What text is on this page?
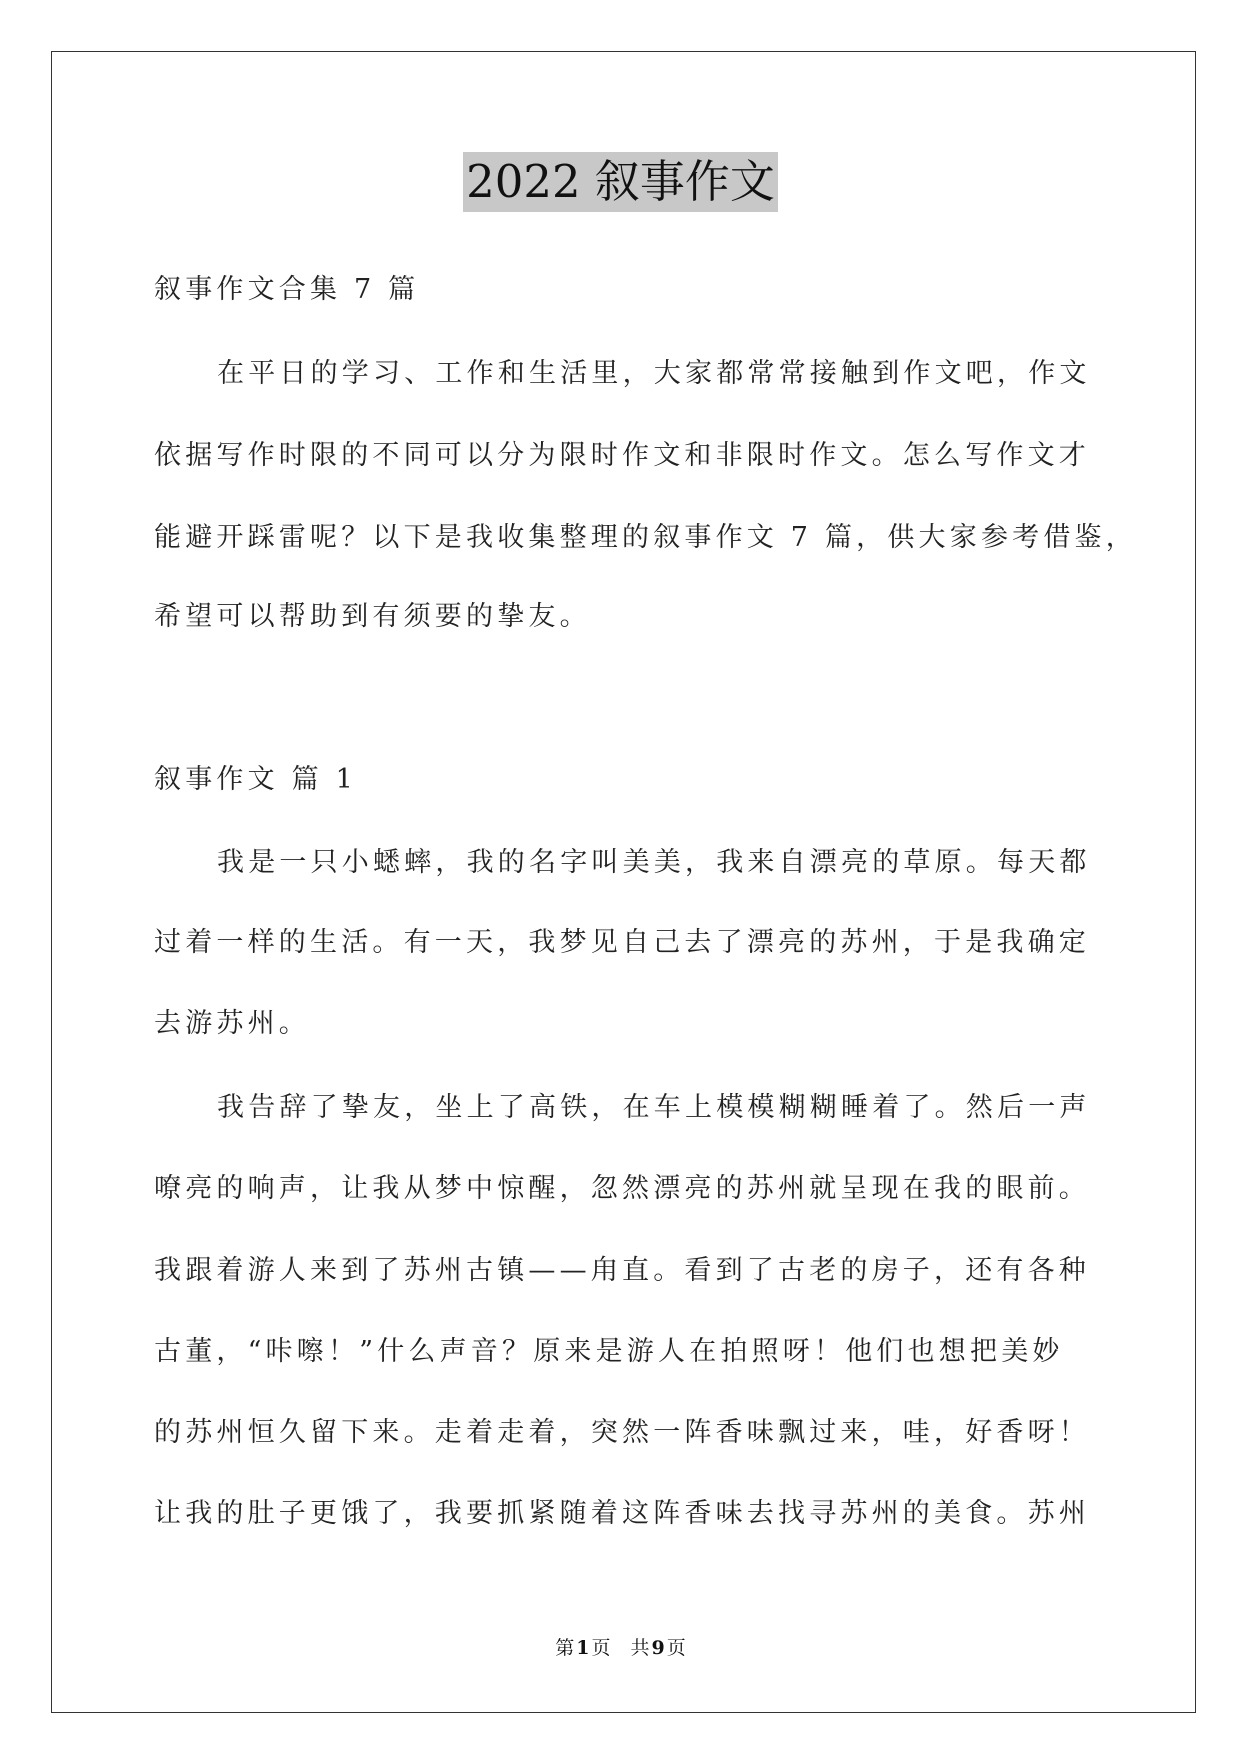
2022 叙事作文
叙事作文合集 7 篇
在平日的学习、工作和生活里，大家都常常接触到作文吧，作文
依据写作时限的不同可以分为限时作文和非限时作文。怎么写作文才
能避开踩雷呢？以下是我收集整理的叙事作文 7 篇，供大家参考借鉴，
希望可以帮助到有须要的挚友。
叙事作文 篇 1
我是一只小蟋蟀，我的名字叫美美，我来自漂亮的草原。每天都
过着一样的生活。有一天，我梦见自己去了漂亮的苏州，于是我确定
去游苏州。
我告辞了挚友，坐上了高铁，在车上模模糊糊睡着了。然后一声
嘹亮的响声，让我从梦中惊醒，忽然漂亮的苏州就呈现在我的眼前。
我跟着游人来到了苏州古镇——甪直。看到了古老的房子，还有各种
古董，“咔嚓！”什么声音？原来是游人在拍照呀！他们也想把美妙
的苏州恒久留下来。走着走着，突然一阵香味飘过来，哇，好香呀！
让我的肚子更饿了，我要抓紧随着这阵香味去找寻苏州的美食。苏州
第 1 页 共 9 页
